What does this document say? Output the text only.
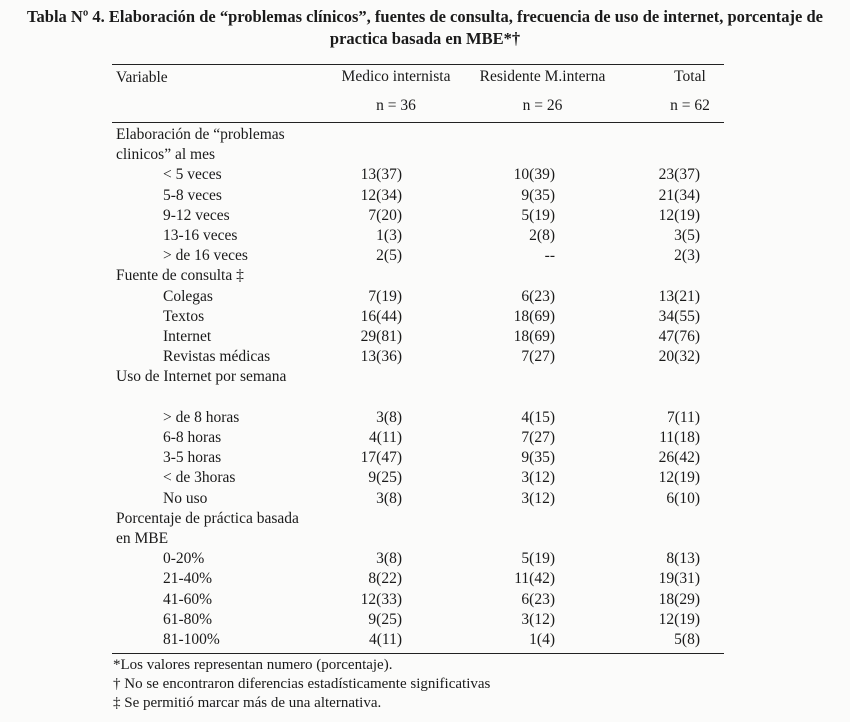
Tabla Nº 4. Elaboración de “problemas clínicos”, fuentes de consulta, frecuencia de uso de internet, porcentaje de
practica basada en MBE*†
Variable	Medico internista	Residente M.interna	Total
n = 36	n = 26	n = 62
Elaboración de “problemas
clinicos” al mes
< 5 veces	13(37)	10(39)	23(37)
5-8 veces	12(34)	9(35)	21(34)
9-12 veces	7(20)	5(19)	12(19)
13-16 veces	1(3)	2(8)	3(5)
> de 16 veces	2(5)	--	2(3)
Fuente de consulta ‡
Colegas	7(19)	6(23)	13(21)
Textos	16(44)	18(69)	34(55)
Internet	29(81)	18(69)	47(76)
Revistas médicas	13(36)	7(27)	20(32)
Uso de Internet por semana
> de 8 horas	3(8)	4(15)	7(11)
6-8 horas	4(11)	7(27)	11(18)
3-5 horas	17(47)	9(35)	26(42)
< de 3horas	9(25)	3(12)	12(19)
No uso	3(8)	3(12)	6(10)
Porcentaje de práctica basada
en MBE
0-20%	3(8)	5(19)	8(13)
21-40%	8(22)	11(42)	19(31)
41-60%	12(33)	6(23)	18(29)
61-80%	9(25)	3(12)	12(19)
81-100%	4(11)	1(4)	5(8)
*Los valores representan numero (porcentaje).
† No se encontraron diferencias estadísticamente significativas
‡ Se permitió marcar más de una alternativa.
